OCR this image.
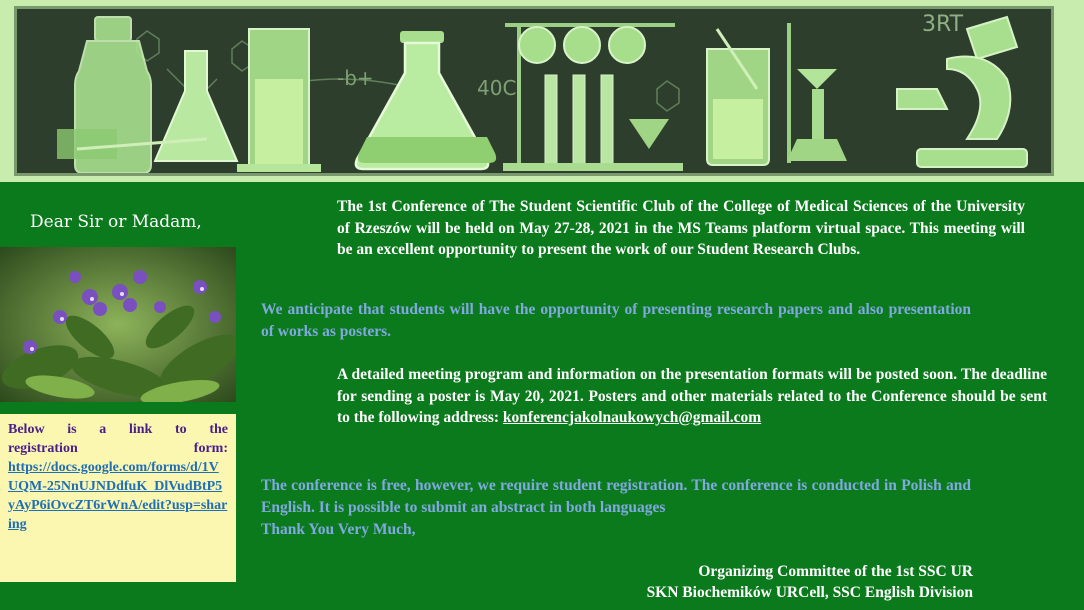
-b+	40C
3RT
Dear Sir or Madam,
Below is a link to the
registration	form:
https://docs.google.com/forms/d/1VUQM-25NnUJNDdfuK_DlVudBtP5yAyP6iOvcZT6rWnA/edit?usp=sharing
The 1st Conference of The Student Scientific Club of the College of Medical Sciences of the University of Rzeszów will be held on May 27-28, 2021 in the MS Teams platform virtual space. This meeting will be an excellent opportunity to present the work of our Student Research Clubs.
We anticipate that students will have the opportunity of presenting research papers and also presentation of works as posters.
A detailed meeting program and information on the presentation formats will be posted soon. The deadline for sending a poster is May 20, 2021. Posters and other materials related to the Conference should be sent to the following address: konferencjakolnaukowych@gmail.com
The conference is free, however, we require student registration. The conference is conducted in Polish and English. It is possible to submit an abstract in both languages
Thank You Very Much,
Organizing Committee of the 1st SSC UR
SKN Biochemików URCell, SSC English Division
